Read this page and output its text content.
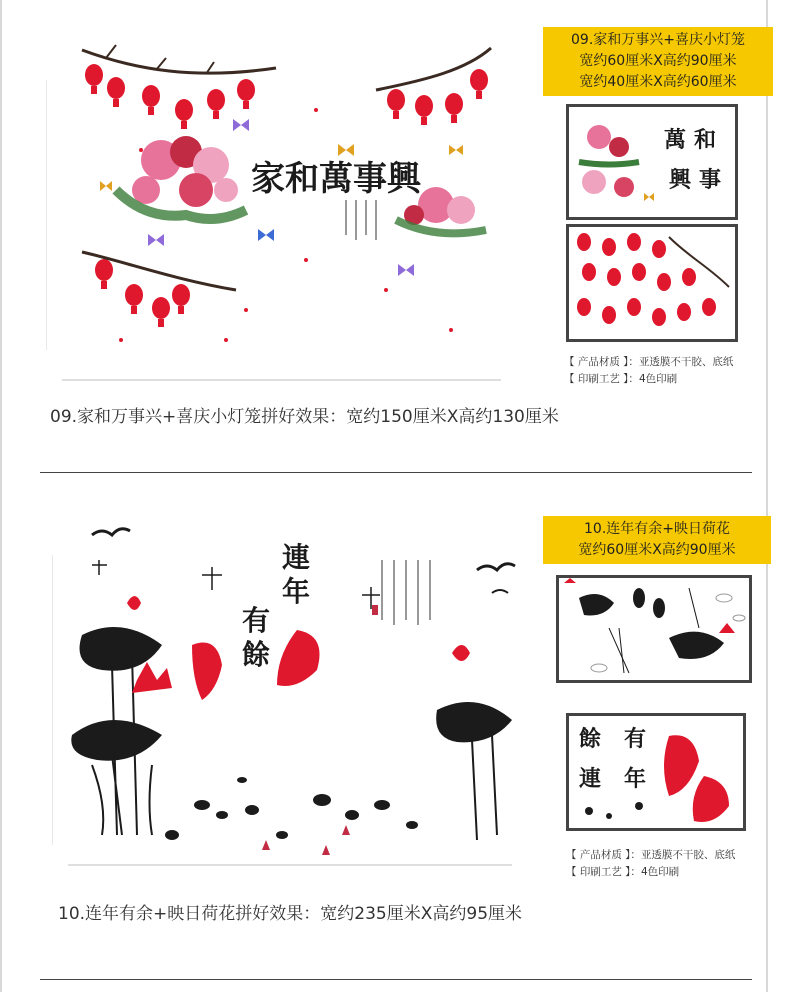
家和萬事興
09.家和万事兴+喜庆小灯笼
宽约60厘米X高约90厘米
宽约40厘米X高约60厘米
萬 和
興 事
【 产品材质 】：亚透膜不干胶、底纸
【 印刷工艺 】：4色印刷
09.家和万事兴+喜庆小灯笼拼好效果：宽约150厘米X高约130厘米
連
年
有
餘
10.连年有余+映日荷花
宽约60厘米X高约90厘米
餘 有
連 年
【 产品材质 】：亚透膜不干胶、底纸
【 印刷工艺 】：4色印刷
10.连年有余+映日荷花拼好效果：宽约235厘米X高约95厘米
